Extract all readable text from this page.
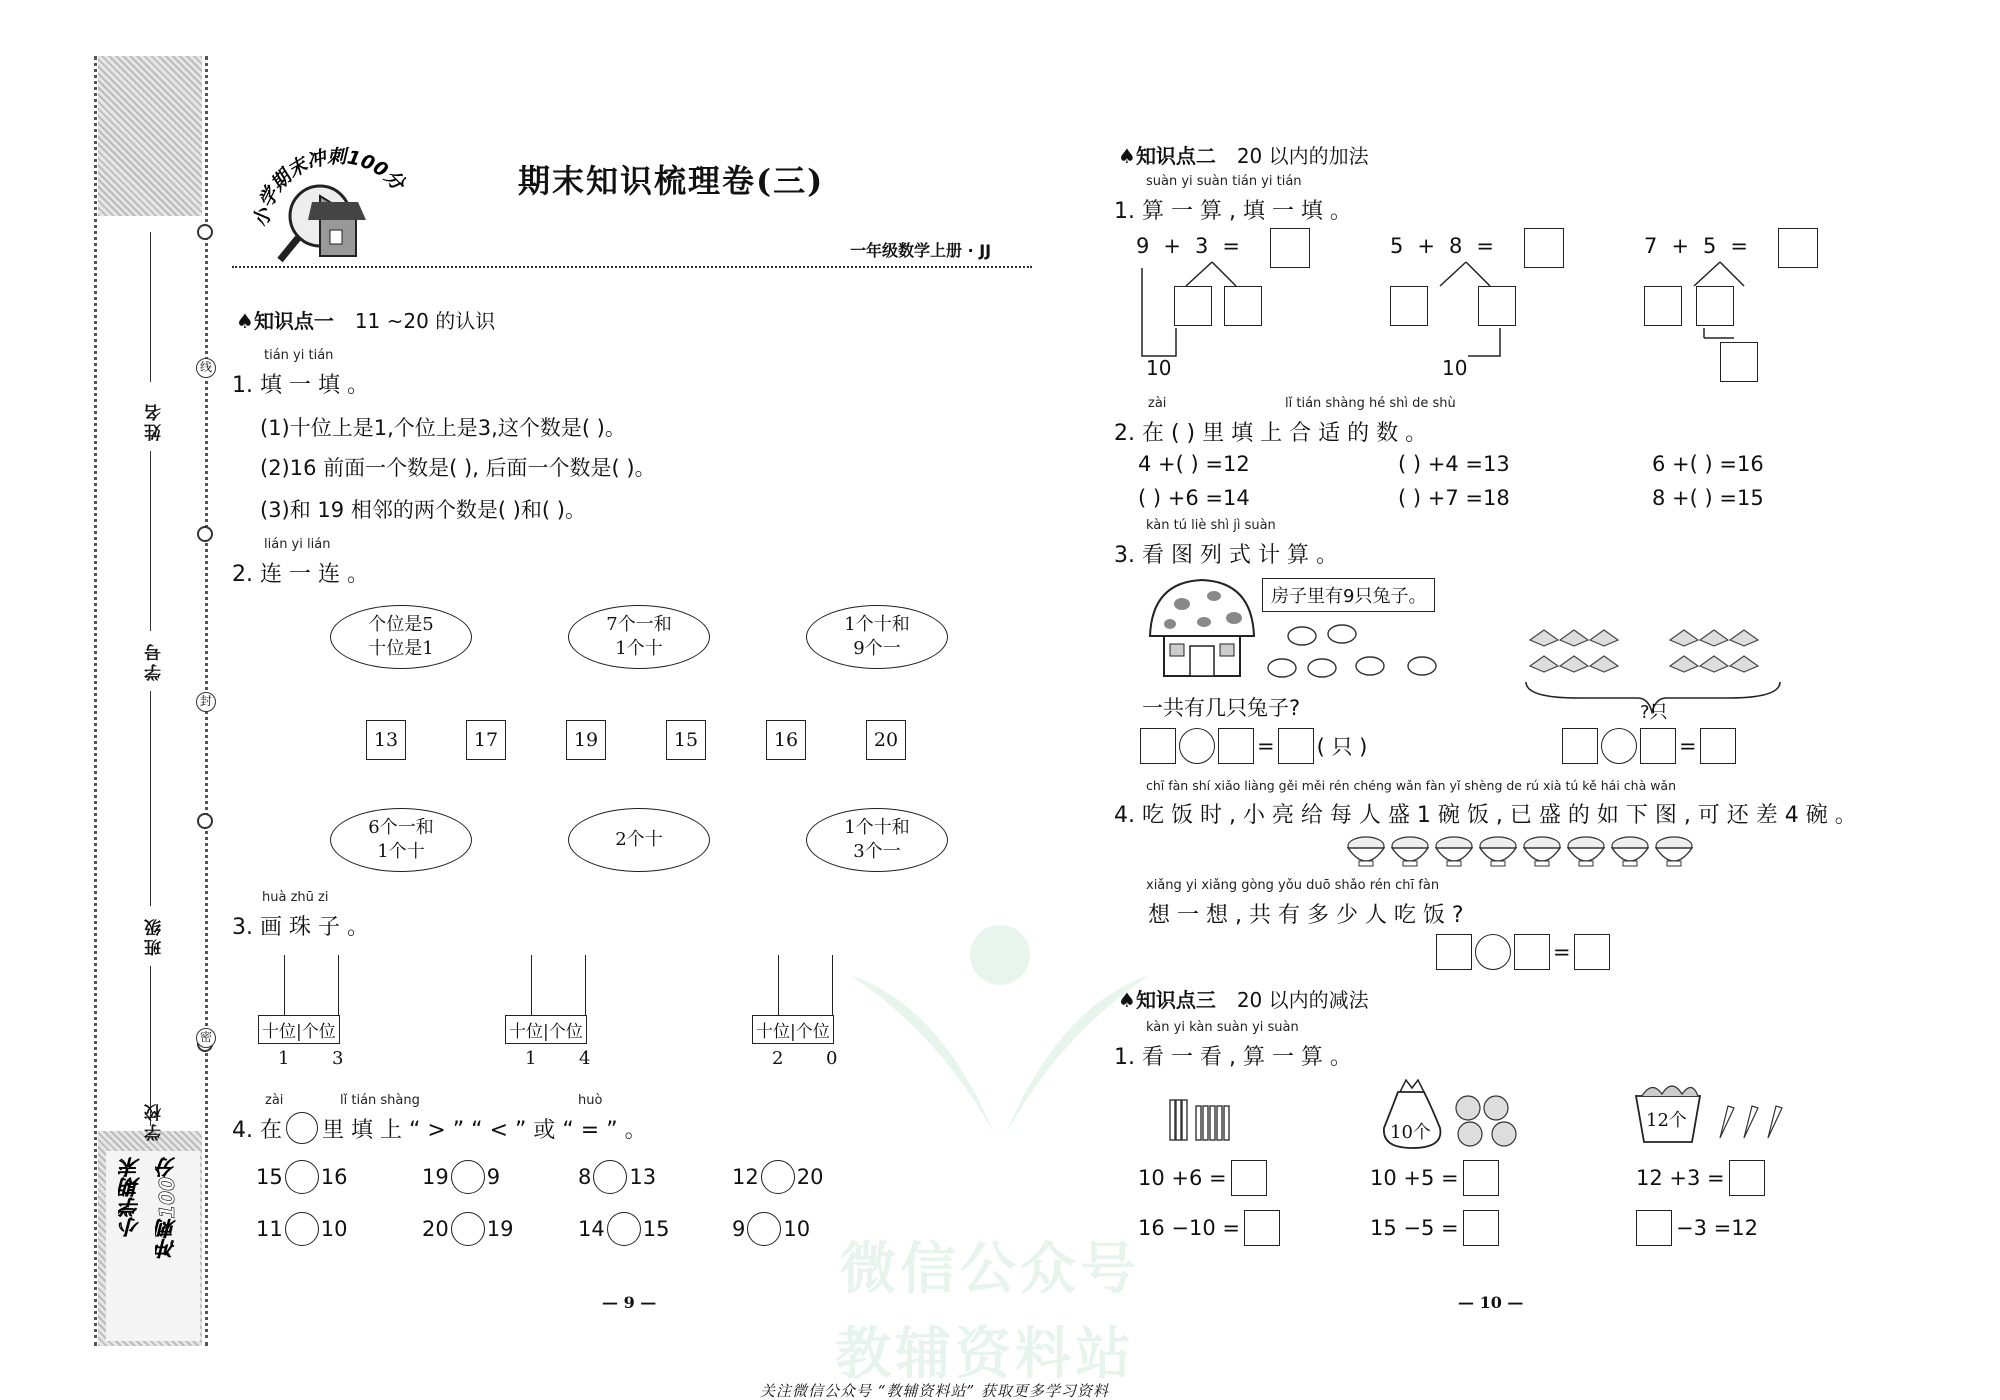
线
封
密
姓名
学号
班级
学校
小学期末 冲刺100分
微信公众号
教辅资料站
小学期末冲刺100分	期末知识梳理卷(三)
一年级数学上册 · JJ
♠知识点一 11 ~20 的认识
tián yi tián
1. 填 一 填 。
(1)十位上是1,个位上是3,这个数是( )。
(2)16 前面一个数是( ), 后面一个数是( )。
(3)和 19 相邻的两个数是( )和( )。
lián yi lián
2. 连 一 连 。
个位是5
十位是1
7个一和
1个十
1个十和
9个一
13	17	19	15	16	20
6个一和
1个十
2个十
1个十和
3个一
huà zhū zi
3. 画 珠 子 。
十位|个位
1 3
十位|个位
1 4
十位|个位
2 0
zài	lǐ tián shàng	huò
4. 在 里 填 上 “ > ” “ < ” 或 “ = ” 。
15 16	19 9	8 13	12 20
11 10	20 19	14 15	9 10
— 9 —
♠知识点二 20 以内的加法
suàn yi suàn tián yi tián
1. 算 一 算 , 填 一 填 。
9 + 3 =
10
5 + 8 =
10
7 + 5 =
zài	lǐ tián shàng hé shì de shù
2. 在 ( ) 里 填 上 合 适 的 数 。
4 +( ) =12	( ) +4 =13	6 +( ) =16
( ) +6 =14	( ) +7 =18	8 +( ) =15
kàn tú liè shì jì suàn
3. 看 图 列 式 计 算 。
房子里有9只兔子。
?只
一共有几只兔子?
= ( 只 )	=
chī fàn shí xiǎo liàng gěi měi rén chéng wǎn fàn yǐ shèng de rú xià tú kě hái chà wǎn
4. 吃 饭 时 , 小 亮 给 每 人 盛 1 碗 饭 , 已 盛 的 如 下 图 , 可 还 差 4 碗 。
xiǎng yi xiǎng gòng yǒu duō shǎo rén chī fàn
想 一 想 , 共 有 多 少 人 吃 饭 ?
=
♠知识点三 20 以内的减法
kàn yi kàn suàn yi suàn
1. 看 一 看 , 算 一 算 。
10个
12个
10 +6 =	10 +5 =	12 +3 =
16 −10 =	15 −5 =	−3 =12
— 10 —
关注微信公众号 “教辅资料站” 获取更多学习资料
